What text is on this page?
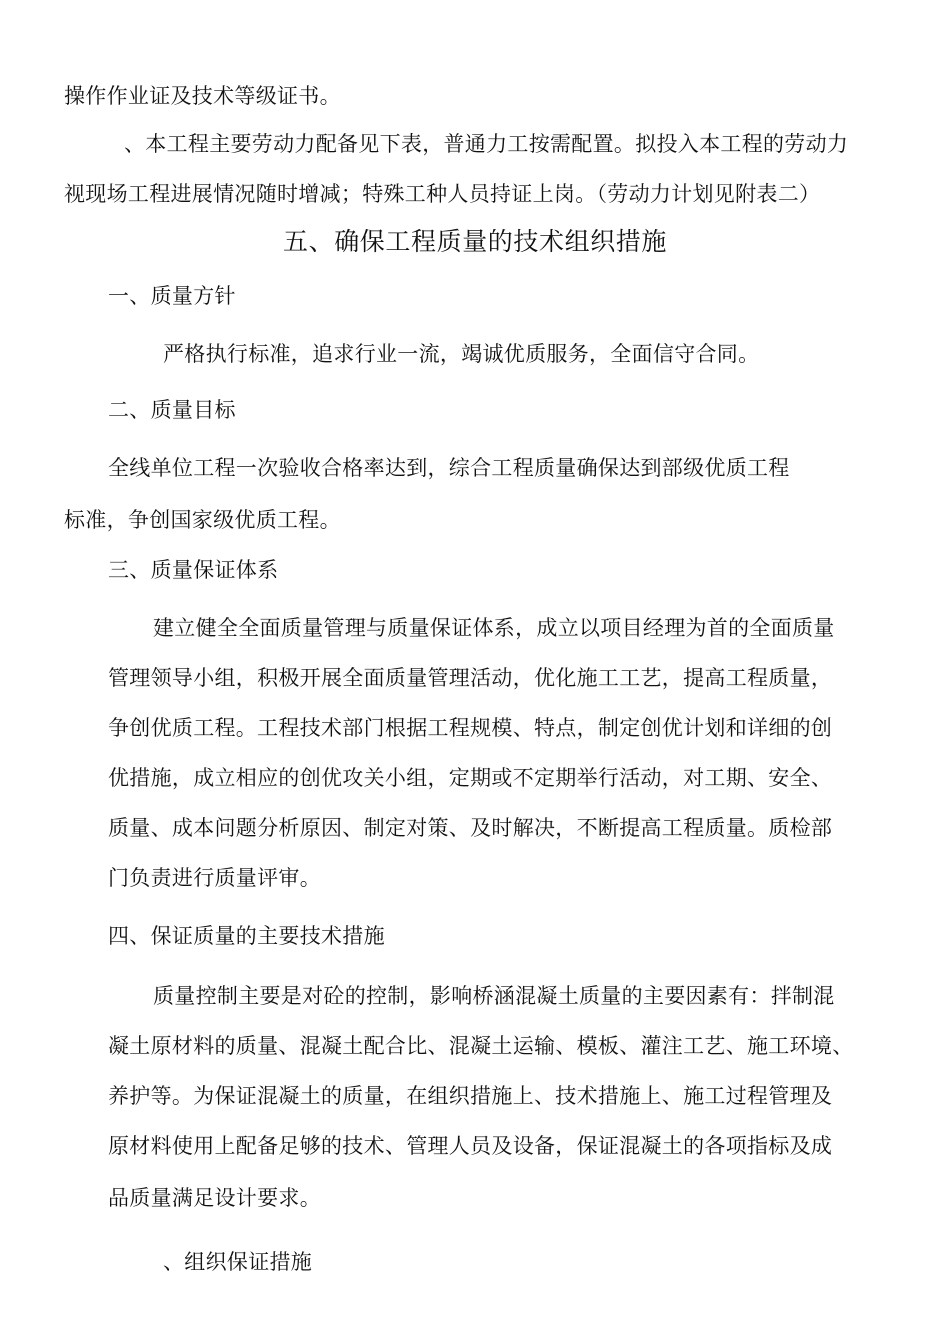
操作作业证及技术等级证书。
、本工程主要劳动力配备见下表，普通力工按需配置。拟投入本工程的劳动力
视现场工程进展情况随时增减；特殊工种人员持证上岗。（劳动力计划见附表二）
五、确保工程质量的技术组织措施
一、质量方针
严格执行标准，追求行业一流，竭诚优质服务，全面信守合同。
二、质量目标
全线单位工程一次验收合格率达到，综合工程质量确保达到部级优质工程
标准，争创国家级优质工程。
三、质量保证体系
建立健全全面质量管理与质量保证体系，成立以项目经理为首的全面质量
管理领导小组，积极开展全面质量管理活动，优化施工工艺，提高工程质量，
争创优质工程。工程技术部门根据工程规模、特点，制定创优计划和详细的创
优措施，成立相应的创优攻关小组，定期或不定期举行活动，对工期、安全、
质量、成本问题分析原因、制定对策、及时解决，不断提高工程质量。质检部
门负责进行质量评审。
四、保证质量的主要技术措施
质量控制主要是对砼的控制，影响桥涵混凝土质量的主要因素有：拌制混
凝土原材料的质量、混凝土配合比、混凝土运输、模板、灌注工艺、施工环境、
养护等。为保证混凝土的质量，在组织措施上、技术措施上、施工过程管理及
原材料使用上配备足够的技术、管理人员及设备，保证混凝土的各项指标及成
品质量满足设计要求。
、组织保证措施
